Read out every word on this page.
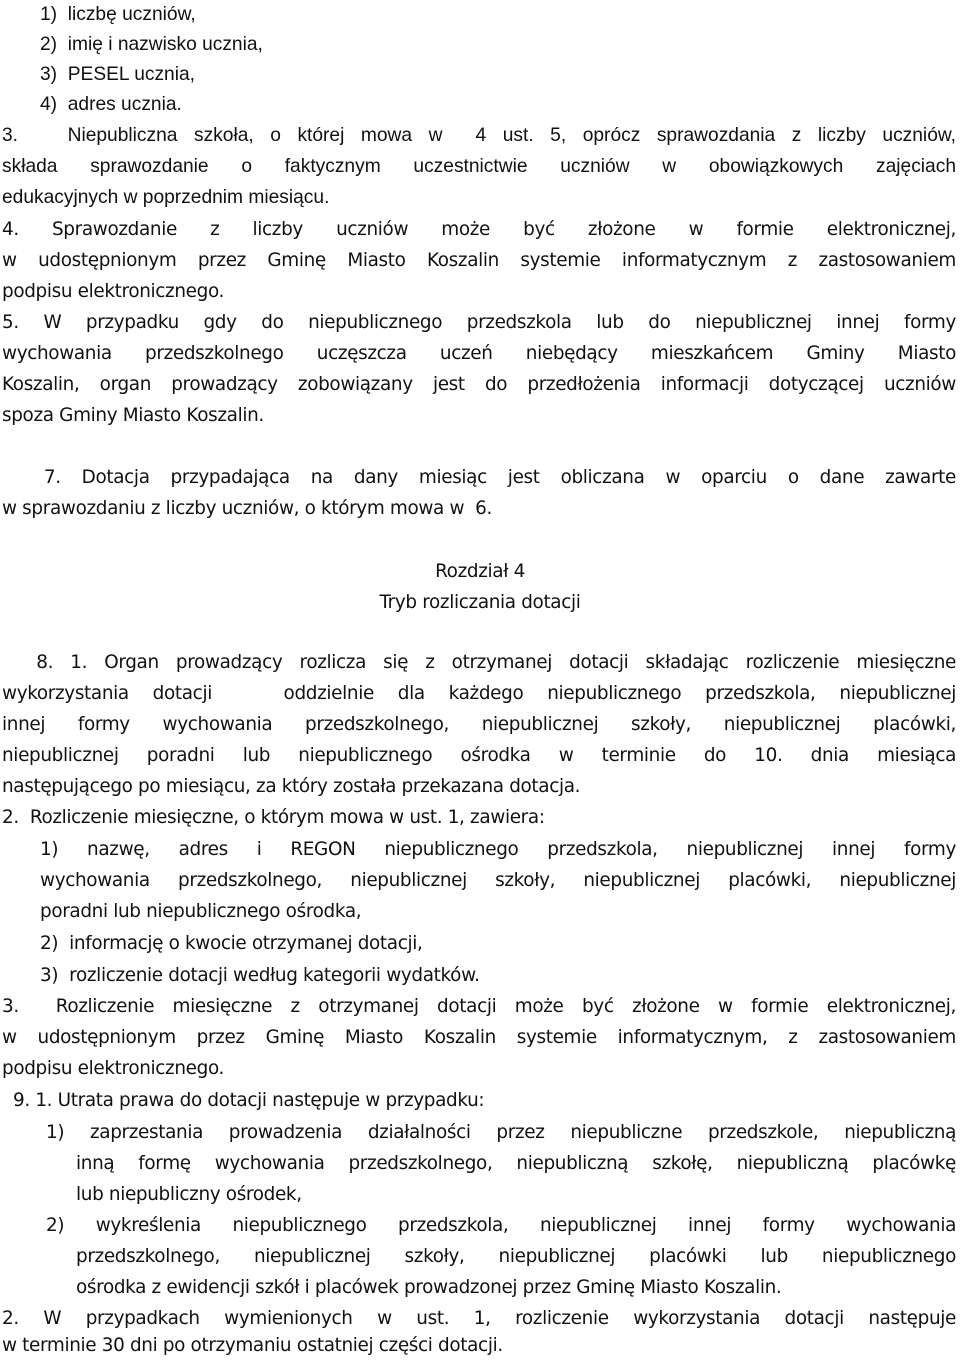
1)  liczbę uczniów,
2)  imię i nazwisko ucznia,
3)  PESEL ucznia,
4)  adres ucznia.
3.   Niepubliczna szkoła, o której mowa w  4 ust. 5, oprócz sprawozdania z liczby uczniów,
składa sprawozdanie o faktycznym uczestnictwie uczniów w obowiązkowych zajęciach
edukacyjnych w poprzednim miesiącu.
4. Sprawozdanie z liczby uczniów może być złożone w formie elektronicznej,
w udostępnionym przez Gminę Miasto Koszalin systemie informatycznym z zastosowaniem
podpisu elektronicznego.
5. W przypadku gdy do niepublicznego przedszkola lub do niepublicznej innej formy
wychowania przedszkolnego uczęszcza uczeń niebędący mieszkańcem Gminy Miasto
Koszalin, organ prowadzący zobowiązany jest do przedłożenia informacji dotyczącej uczniów
spoza Gminy Miasto Koszalin.
7. Dotacja przypadająca na dany miesiąc jest obliczana w oparciu o dane zawarte
w sprawozdaniu z liczby uczniów, o którym mowa w  6.
Rozdział 4
Tryb rozliczania dotacji
8. 1. Organ prowadzący rozlicza się z otrzymanej dotacji składając rozliczenie miesięczne
wykorzystania dotacji   oddzielnie dla każdego niepublicznego przedszkola, niepublicznej
innej formy wychowania przedszkolnego, niepublicznej szkoły, niepublicznej placówki,
niepublicznej poradni lub niepublicznego ośrodka w terminie do 10. dnia miesiąca
następującego po miesiącu, za który została przekazana dotacja.
2.  Rozliczenie miesięczne, o którym mowa w ust. 1, zawiera:
1) nazwę, adres i REGON niepublicznego przedszkola, niepublicznej innej formy
wychowania przedszkolnego, niepublicznej szkoły, niepublicznej placówki, niepublicznej
poradni lub niepublicznego ośrodka,
2)  informację o kwocie otrzymanej dotacji,
3)  rozliczenie dotacji według kategorii wydatków.
3.  Rozliczenie miesięczne z otrzymanej dotacji może być złożone w formie elektronicznej,
w udostępnionym przez Gminę Miasto Koszalin systemie informatycznym, z zastosowaniem
podpisu elektronicznego.
9. 1. Utrata prawa do dotacji następuje w przypadku:
1) zaprzestania prowadzenia działalności przez niepubliczne przedszkole, niepubliczną
inną formę wychowania przedszkolnego, niepubliczną szkołę, niepubliczną placówkę
lub niepubliczny ośrodek,
2) wykreślenia niepublicznego przedszkola, niepublicznej innej formy wychowania
przedszkolnego, niepublicznej szkoły, niepublicznej placówki lub niepublicznego
ośrodka z ewidencji szkół i placówek prowadzonej przez Gminę Miasto Koszalin.
2. W przypadkach wymienionych w ust. 1, rozliczenie wykorzystania dotacji następuje
w terminie 30 dni po otrzymaniu ostatniej części dotacji.
